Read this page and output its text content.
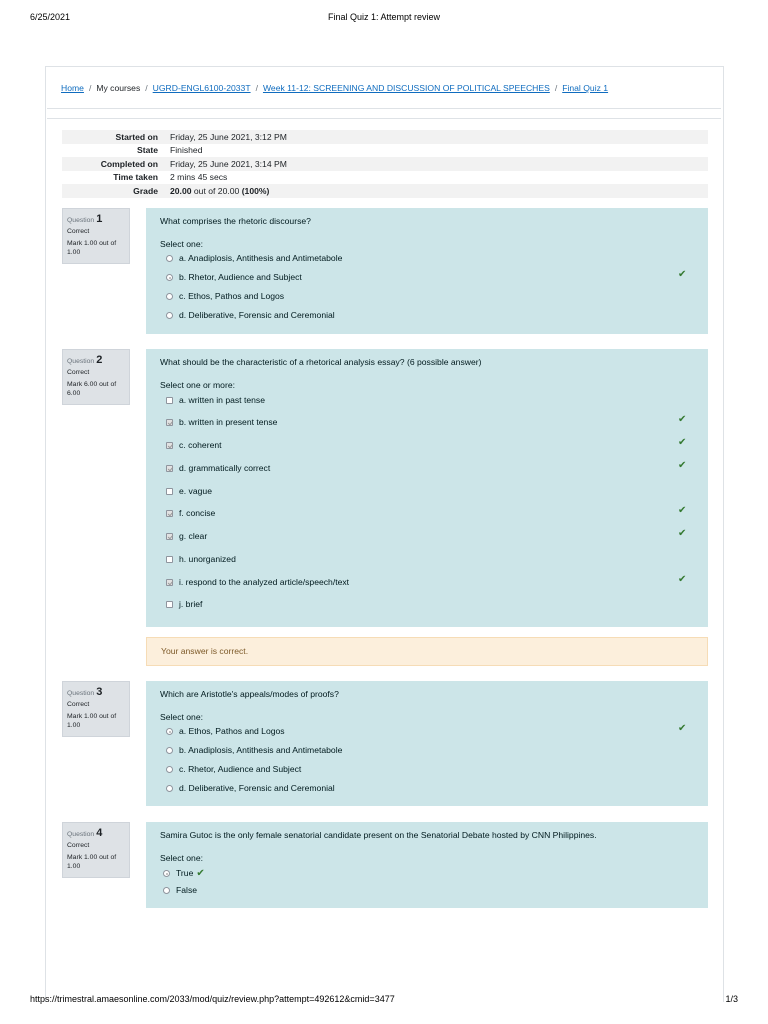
6/25/2021	Final Quiz 1: Attempt review
Home / My courses / UGRD-ENGL6100-2033T / Week 11-12: SCREENING AND DISCUSSION OF POLITICAL SPEECHES / Final Quiz 1
Started on	Friday, 25 June 2021, 3:12 PM
State	Finished
Completed on	Friday, 25 June 2021, 3:14 PM
Time taken	2 mins 45 secs
Grade	20.00 out of 20.00 (100%)
Question 1
Correct
Mark 1.00 out of 1.00
What comprises the rhetoric discourse?
Select one:
a. Anadiplosis, Antithesis and Antimetabole
b. Rhetor, Audience and Subject	✔
c. Ethos, Pathos and Logos
d. Deliberative, Forensic and Ceremonial
Question 2
Correct
Mark 6.00 out of 6.00
What should be the characteristic of a rhetorical analysis essay? (6 possible answer)
Select one or more:
a. written in past tense
b. written in present tense	✔
c. coherent	✔
d. grammatically correct	✔
e. vague
f. concise	✔
g. clear	✔
h. unorganized
i. respond to the analyzed article/speech/text	✔
j. brief
Your answer is correct.
Question 3
Correct
Mark 1.00 out of 1.00
Which are Aristotle's appeals/modes of proofs?
Select one:
a. Ethos, Pathos and Logos	✔
b. Anadiplosis, Antithesis and Antimetabole
c. Rhetor, Audience and Subject
d. Deliberative, Forensic and Ceremonial
Question 4
Correct
Mark 1.00 out of 1.00
Samira Gutoc is the only female senatorial candidate present on the Senatorial Debate hosted by CNN Philippines.
Select one:
True ✔
False
https://trimestral.amaesonline.com/2033/mod/quiz/review.php?attempt=492612&cmid=3477	1/3
